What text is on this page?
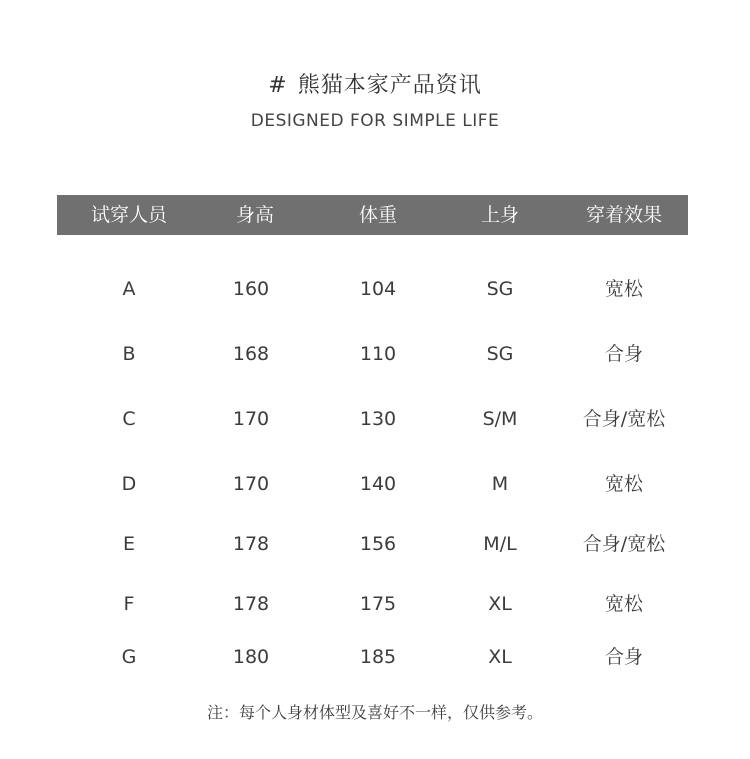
# 熊猫本家产品资讯
DESIGNED FOR SIMPLE LIFE
试穿人员	身高	体重	上身	穿着效果
A	160	104	SG	宽松
B	168	110	SG	合身
C	170	130	S/M	合身/宽松
D	170	140	M	宽松
E	178	156	M/L	合身/宽松
F	178	175	XL	宽松
G	180	185	XL	合身
注：每个人身材体型及喜好不一样，仅供参考。
